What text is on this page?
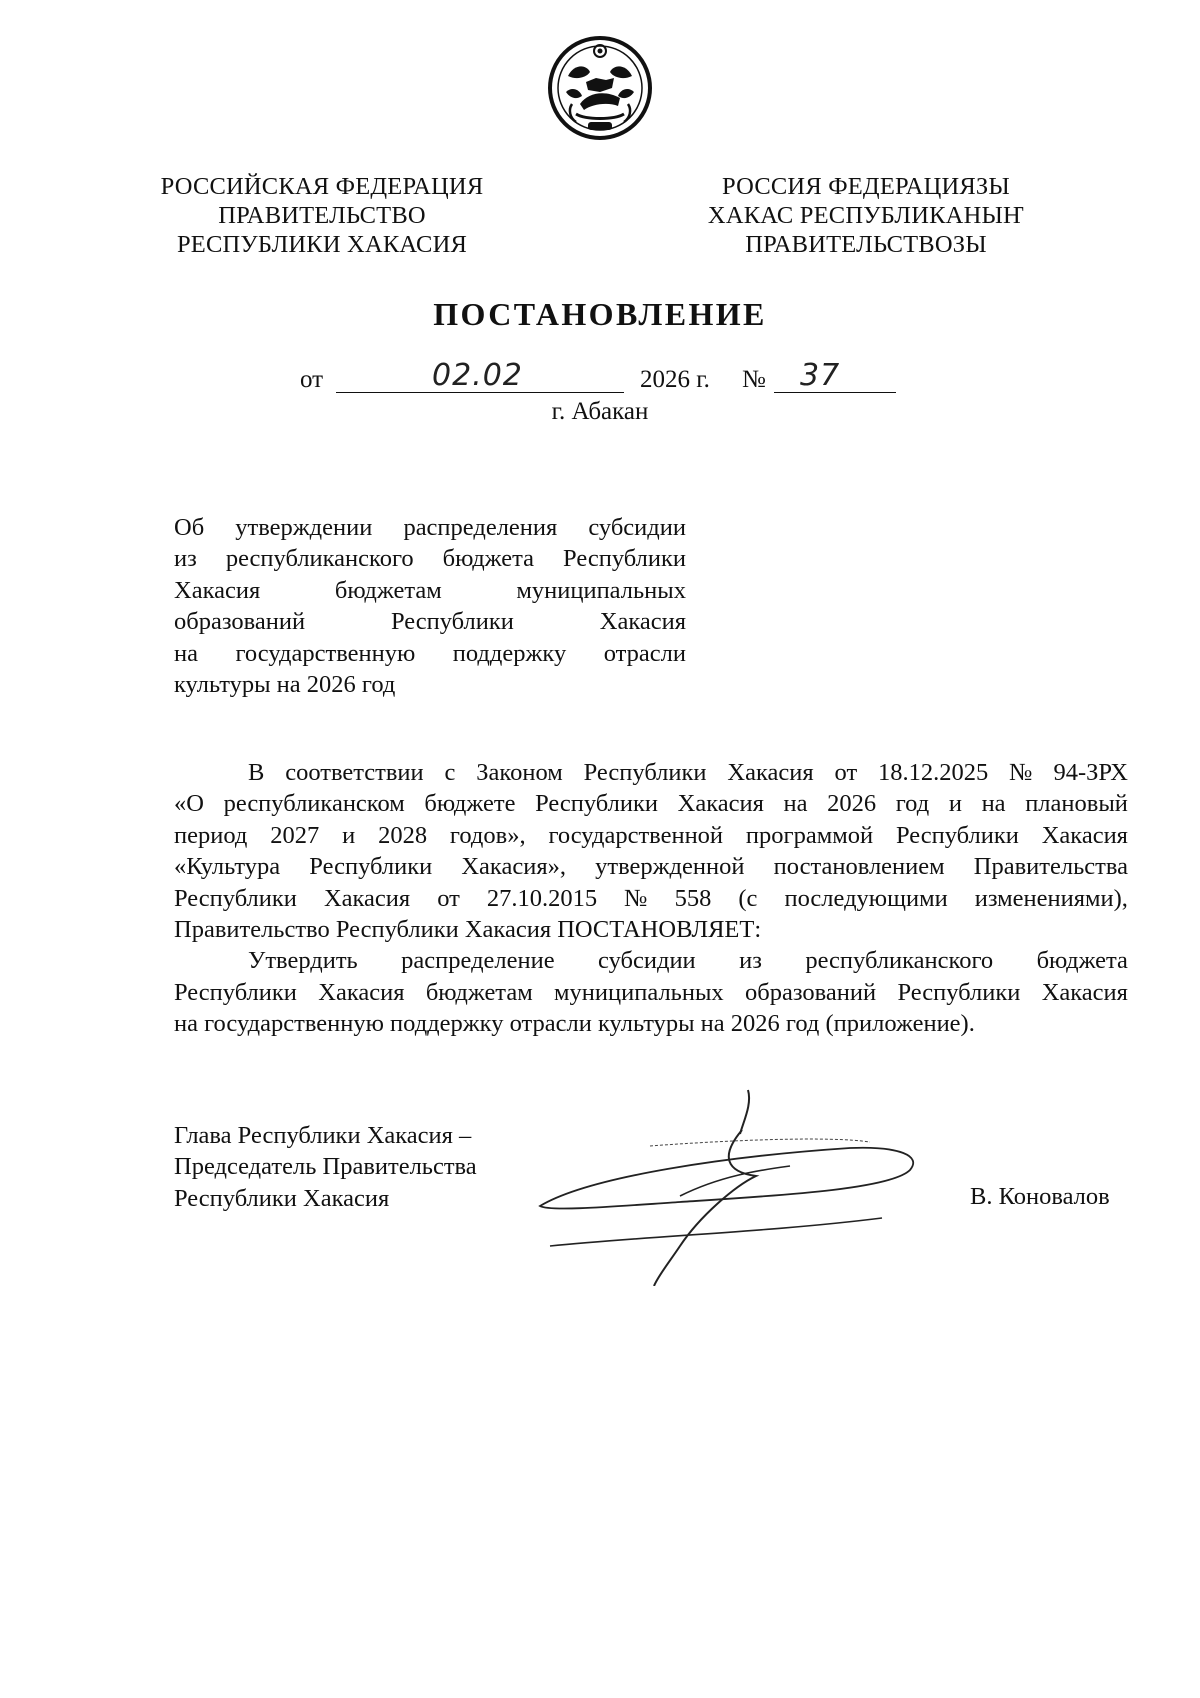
РОССИЙСКАЯ ФЕДЕРАЦИЯ
ПРАВИТЕЛЬСТВО
РЕСПУБЛИКИ ХАКАСИЯ
РОССИЯ ФЕДЕРАЦИЯЗЫ
ХАКАС РЕСПУБЛИКАНЫҤ
ПРАВИТЕЛЬСТВОЗЫ
ПОСТАНОВЛЕНИЕ
от	02.02	2026 г. № 37
г. Абакан
Об утверждении распределения субсидии
из республиканского бюджета Республики
Хакасия	бюджетам	муниципальных
образований	Республики	Хакасия
на государственную поддержку отрасли
культуры на 2026 год
В соответствии с Законом Республики Хакасия от 18.12.2025 № 94-ЗРХ
«О республиканском бюджете Республики Хакасия на 2026 год и на плановый
период 2027 и 2028 годов», государственной программой Республики Хакасия
«Культура Республики Хакасия», утвержденной постановлением Правительства
Республики Хакасия от 27.10.2015 № 558 (с последующими изменениями),
Правительство Республики Хакасия ПОСТАНОВЛЯЕТ:
Утвердить распределение субсидии из республиканского бюджета
Республики Хакасия бюджетам муниципальных образований Республики Хакасия
на государственную поддержку отрасли культуры на 2026 год (приложение).
Глава Республики Хакасия –
Председатель Правительства
Республики Хакасия	В. Коновалов
